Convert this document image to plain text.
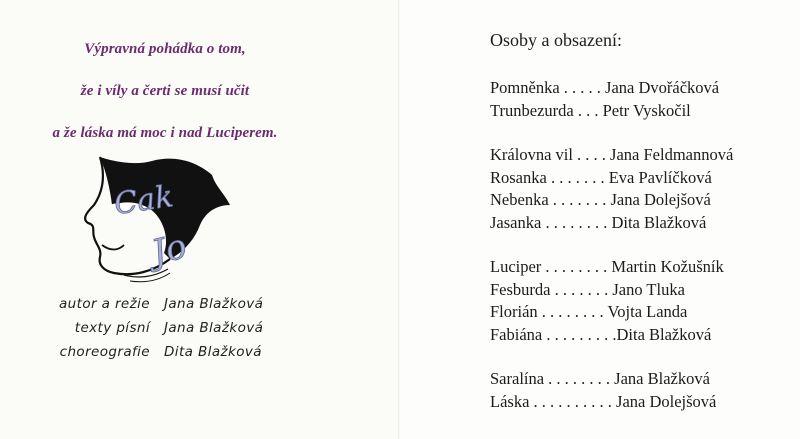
Výpravná pohádka o tom,
že i víly a čerti se musí učit
a že láska má moc i nad Luciperem.
Cak
Jo
autor a režie Jana Blažková
texty písní Jana Blažková
choreografie Dita Blažková
Osoby a obsazení:
Pomněnka . . . . . Jana Dvořáčková
Trunbezurda . . . Petr Vyskočil
Královna vil . . . . Jana Feldmannová
Rosanka . . . . . . . Eva Pavlíčková
Nebenka . . . . . . . Jana Dolejšová
Jasanka . . . . . . . . Dita Blažková
Luciper . . . . . . . . Martin Kožušník
Fesburda . . . . . . . Jano Tluka
Florián . . . . . . . . Vojta Landa
Fabiána . . . . . . . . .Dita Blažková
Saralína . . . . . . . . Jana Blažková
Láska . . . . . . . . . . Jana Dolejšová
